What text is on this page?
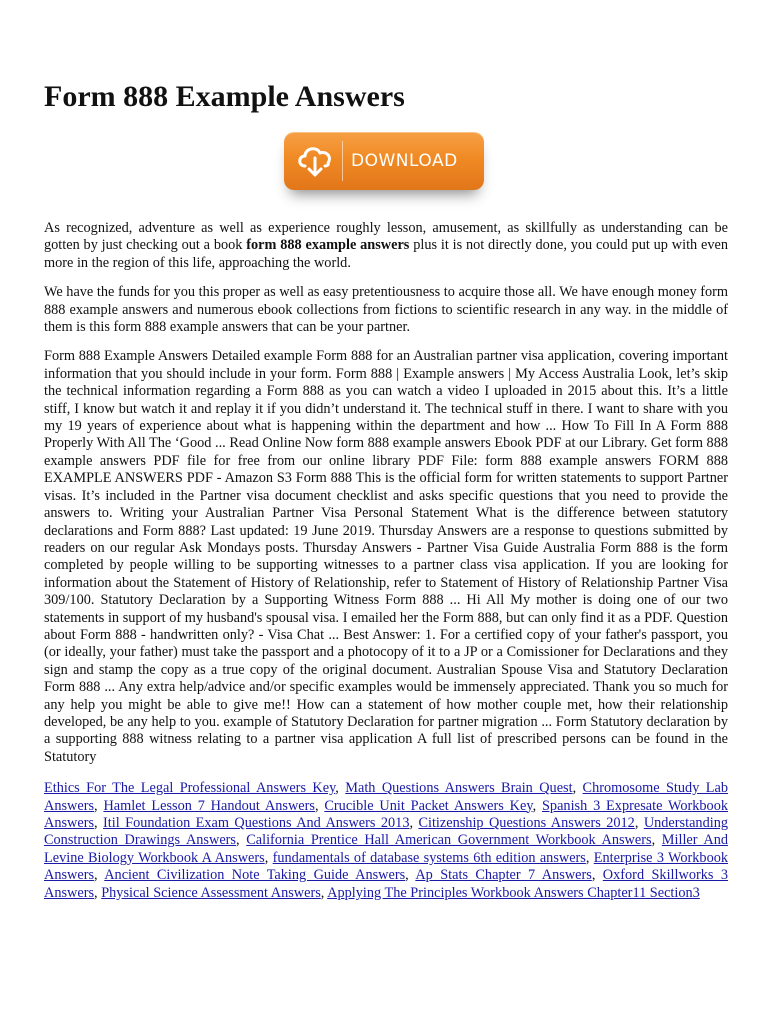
Form 888 Example Answers
DOWNLOAD

As recognized, adventure as well as experience roughly lesson, amusement, as skillfully as understanding can be gotten by just checking out a book form 888 example answers plus it is not directly done, you could put up with even more in the region of this life, approaching the world.

We have the funds for you this proper as well as easy pretentiousness to acquire those all. We have enough money form 888 example answers and numerous ebook collections from fictions to scientific research in any way. in the middle of them is this form 888 example answers that can be your partner.

Form 888 Example Answers Detailed example Form 888 for an Australian partner visa application, covering important information that you should include in your form. Form 888 | Example answers | My Access Australia Look, let’s skip the technical information regarding a Form 888 as you can watch a video I uploaded in 2015 about this. It’s a little stiff, I know but watch it and replay it if you didn’t understand it. The technical stuff in there. I want to share with you my 19 years of experience about what is happening within the department and how ... How To Fill In A Form 888 Properly With All The ‘Good ... Read Online Now form 888 example answers Ebook PDF at our Library. Get form 888 example answers PDF file for free from our online library PDF File: form 888 example answers FORM 888 EXAMPLE ANSWERS PDF - Amazon S3 Form 888 This is the official form for written statements to support Partner visas. It’s included in the Partner visa document checklist and asks specific questions that you need to provide the answers to. Writing your Australian Partner Visa Personal Statement What is the difference between statutory declarations and Form 888? Last updated: 19 June 2019. Thursday Answers are a response to questions submitted by readers on our regular Ask Mondays posts. Thursday Answers - Partner Visa Guide Australia Form 888 is the form completed by people willing to be supporting witnesses to a partner class visa application. If you are looking for information about the Statement of History of Relationship, refer to Statement of History of Relationship Partner Visa 309/100. Statutory Declaration by a Supporting Witness Form 888 ... Hi All My mother is doing one of our two statements in support of my husband's spousal visa. I emailed her the Form 888, but can only find it as a PDF. Question about Form 888 - handwritten only? - Visa Chat ... Best Answer: 1. For a certified copy of your father's passport, you (or ideally, your father) must take the passport and a photocopy of it to a JP or a Comissioner for Declarations and they sign and stamp the copy as a true copy of the original document. Australian Spouse Visa and Statutory Declaration Form 888 ... Any extra help/advice and/or specific examples would be immensely appreciated. Thank you so much for any help you might be able to give me!! How can a statement of how mother couple met, how their relationship developed, be any help to you. example of Statutory Declaration for partner migration ... Form Statutory declaration by a supporting 888 witness relating to a partner visa application A full list of prescribed persons can be found in the Statutory

Ethics For The Legal Professional Answers Key, Math Questions Answers Brain Quest, Chromosome Study Lab Answers, Hamlet Lesson 7 Handout Answers, Crucible Unit Packet Answers Key, Spanish 3 Expresate Workbook Answers, Itil Foundation Exam Questions And Answers 2013, Citizenship Questions Answers 2012, Understanding Construction Drawings Answers, California Prentice Hall American Government Workbook Answers, Miller And Levine Biology Workbook A Answers, fundamentals of database systems 6th edition answers, Enterprise 3 Workbook Answers, Ancient Civilization Note Taking Guide Answers, Ap Stats Chapter 7 Answers, Oxford Skillworks 3 Answers, Physical Science Assessment Answers, Applying The Principles Workbook Answers Chapter11 Section3
